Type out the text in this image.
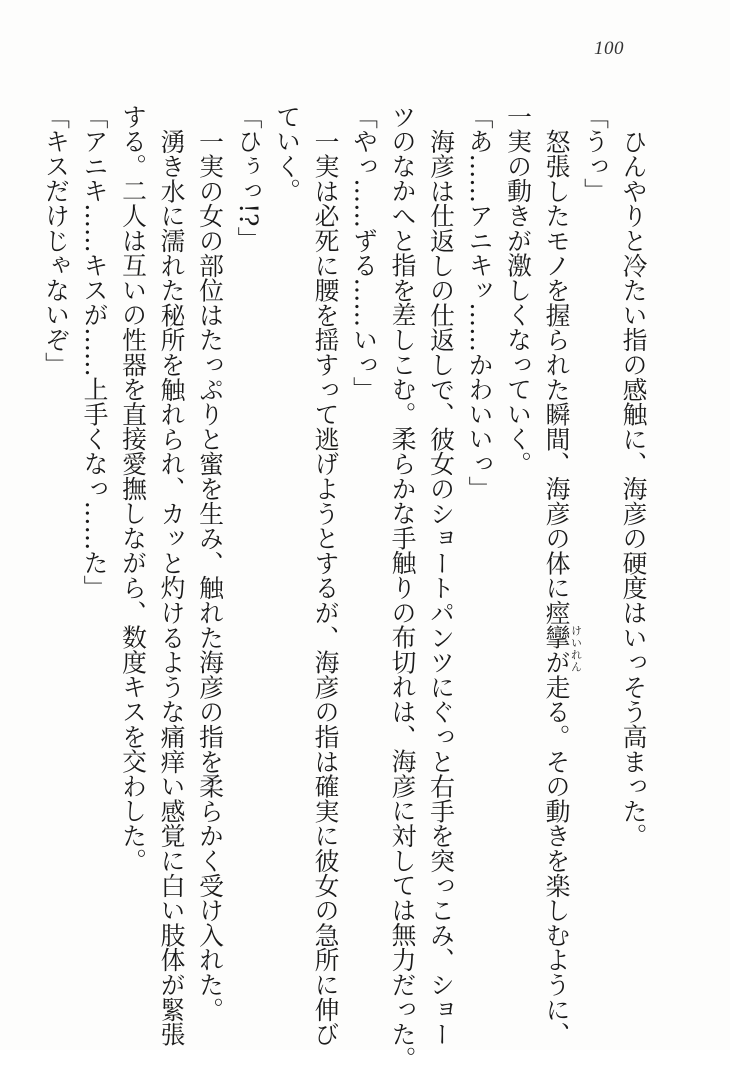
100
ひんやりと冷たい指の感触に、海彦の硬度はいっそう高まった。
「うっ」
怒張したモノを握られた瞬間、海彦の体に痙攣
けいれん
が走る。その動きを楽しむように、
一実の動きが激しくなっていく。
「あ……アニキッ……かわいいっ」
海彦は仕返しの仕返しで、彼女のショートパンツにぐっと右手を突っこみ、ショー
ツのなかへと指を差しこむ。柔らかな手触りの布切れは、海彦に対しては無力だった。
「やっ……ずる……いっ」
一実は必死に腰を揺すって逃げようとするが、海彦の指は確実に彼女の急所に伸び
ていく。
「ひぅっ!?」
一実の女の部位はたっぷりと蜜を生み、触れた海彦の指を柔らかく受け入れた。
湧き水に濡れた秘所を触れられ、カッと灼けるような痛痒い感覚に白い肢体が緊張
する。二人は互いの性器を直接愛撫しながら、数度キスを交わした。
「アニキ……キスが……上手くなっ……た」
「キスだけじゃないぞ」
